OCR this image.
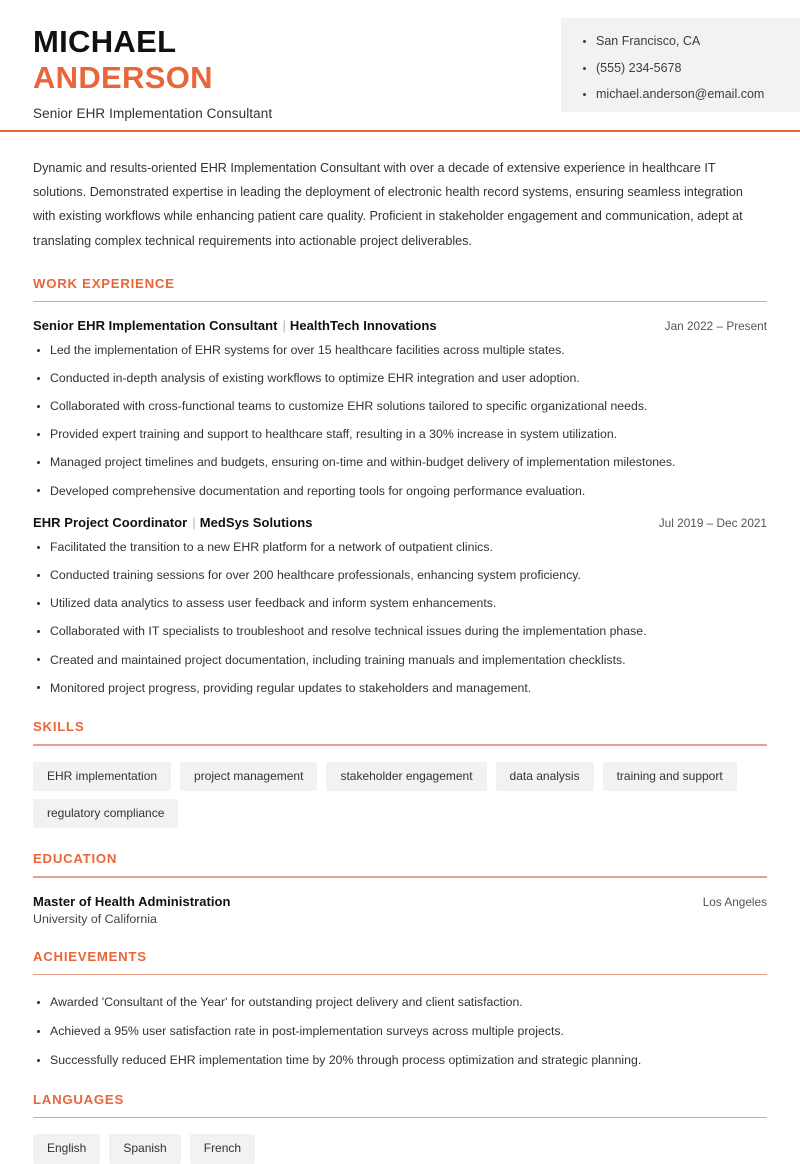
San Francisco, CA
(555) 234-5678
michael.anderson@email.com
MICHAEL
ANDERSON
Senior EHR Implementation Consultant

Dynamic and results-oriented EHR Implementation Consultant with over a decade of extensive experience in healthcare IT solutions. Demonstrated expertise in leading the deployment of electronic health record systems, ensuring seamless integration with existing workflows while enhancing patient care quality. Proficient in stakeholder engagement and communication, adept at translating complex technical requirements into actionable project deliverables.

WORK EXPERIENCE
Senior EHR Implementation Consultant | HealthTech Innovations	Jan 2022 – Present
Led the implementation of EHR systems for over 15 healthcare facilities across multiple states.
Conducted in-depth analysis of existing workflows to optimize EHR integration and user adoption.
Collaborated with cross-functional teams to customize EHR solutions tailored to specific organizational needs.
Provided expert training and support to healthcare staff, resulting in a 30% increase in system utilization.
Managed project timelines and budgets, ensuring on-time and within-budget delivery of implementation milestones.
Developed comprehensive documentation and reporting tools for ongoing performance evaluation.
EHR Project Coordinator | MedSys Solutions	Jul 2019 – Dec 2021
Facilitated the transition to a new EHR platform for a network of outpatient clinics.
Conducted training sessions for over 200 healthcare professionals, enhancing system proficiency.
Utilized data analytics to assess user feedback and inform system enhancements.
Collaborated with IT specialists to troubleshoot and resolve technical issues during the implementation phase.
Created and maintained project documentation, including training manuals and implementation checklists.
Monitored project progress, providing regular updates to stakeholders and management.
SKILLS
EHR implementation	project management	stakeholder engagement	data analysis	training and support
regulatory compliance
EDUCATION
Master of Health Administration	Los Angeles
University of California
ACHIEVEMENTS
Awarded 'Consultant of the Year' for outstanding project delivery and client satisfaction.
Achieved a 95% user satisfaction rate in post-implementation surveys across multiple projects.
Successfully reduced EHR implementation time by 20% through process optimization and strategic planning.
LANGUAGES
English	Spanish	French
